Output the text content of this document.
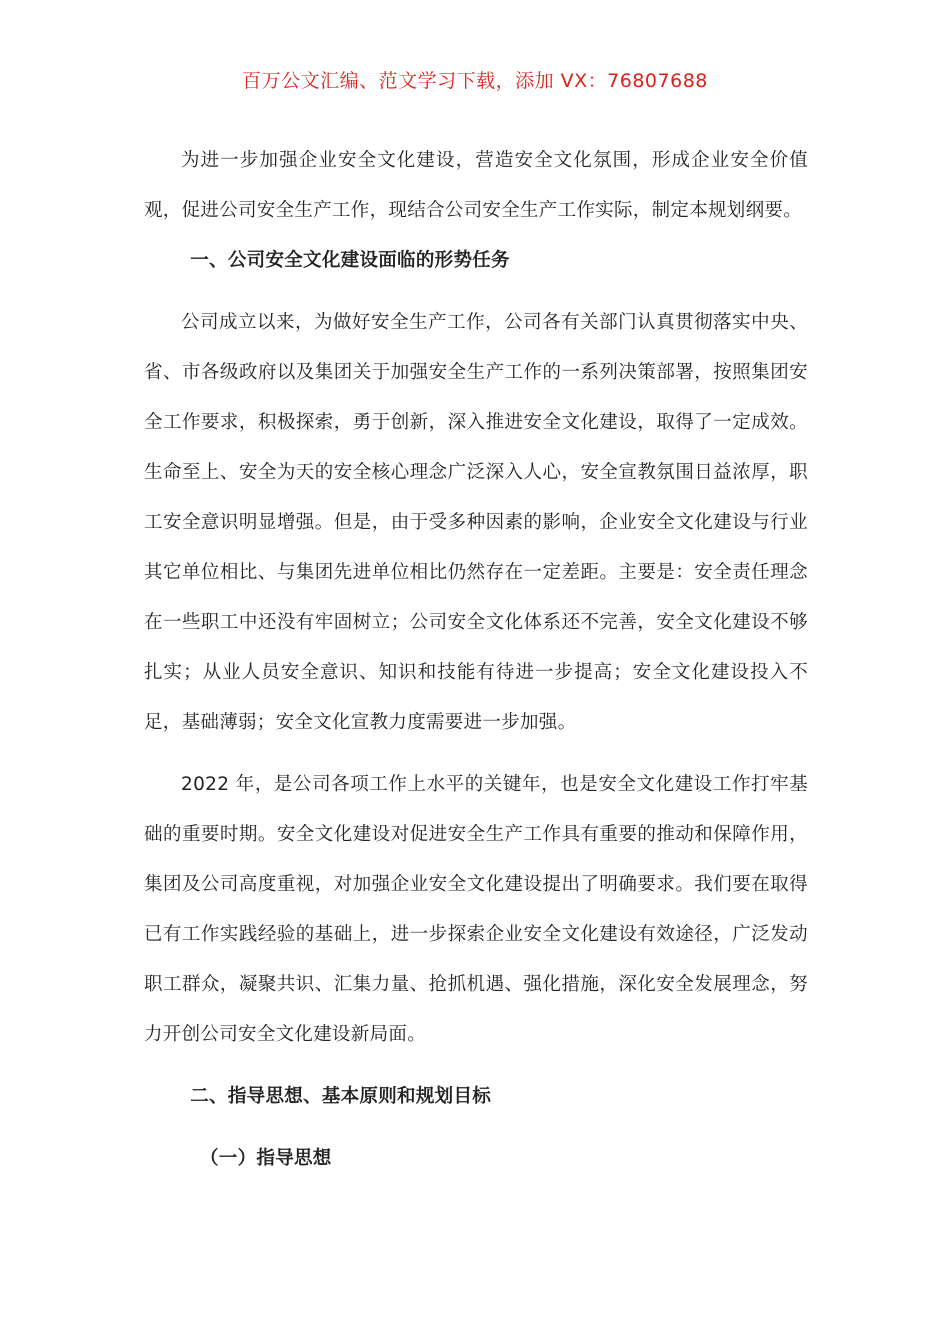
百万公文汇编、范文学习下载，添加 VX：76807688

为进一步加强企业安全文化建设，营造安全文化氛围，形成企业安全价值观，促进公司安全生产工作，现结合公司安全生产工作实际，制定本规划纲要。

一、公司安全文化建设面临的形势任务

公司成立以来，为做好安全生产工作，公司各有关部门认真贯彻落实中央、省、市各级政府以及集团关于加强安全生产工作的一系列决策部署，按照集团安全工作要求，积极探索，勇于创新，深入推进安全文化建设，取得了一定成效。生命至上、安全为天的安全核心理念广泛深入人心，安全宣教氛围日益浓厚，职工安全意识明显增强。但是，由于受多种因素的影响，企业安全文化建设与行业其它单位相比、与集团先进单位相比仍然存在一定差距。主要是：安全责任理念在一些职工中还没有牢固树立；公司安全文化体系还不完善，安全文化建设不够扎实；从业人员安全意识、知识和技能有待进一步提高；安全文化建设投入不足，基础薄弱；安全文化宣教力度需要进一步加强。

2022 年，是公司各项工作上水平的关键年，也是安全文化建设工作打牢基础的重要时期。安全文化建设对促进安全生产工作具有重要的推动和保障作用，集团及公司高度重视，对加强企业安全文化建设提出了明确要求。我们要在取得已有工作实践经验的基础上，进一步探索企业安全文化建设有效途径，广泛发动职工群众，凝聚共识、汇集力量、抢抓机遇、强化措施，深化安全发展理念，努力开创公司安全文化建设新局面。

二、指导思想、基本原则和规划目标

（一）指导思想
